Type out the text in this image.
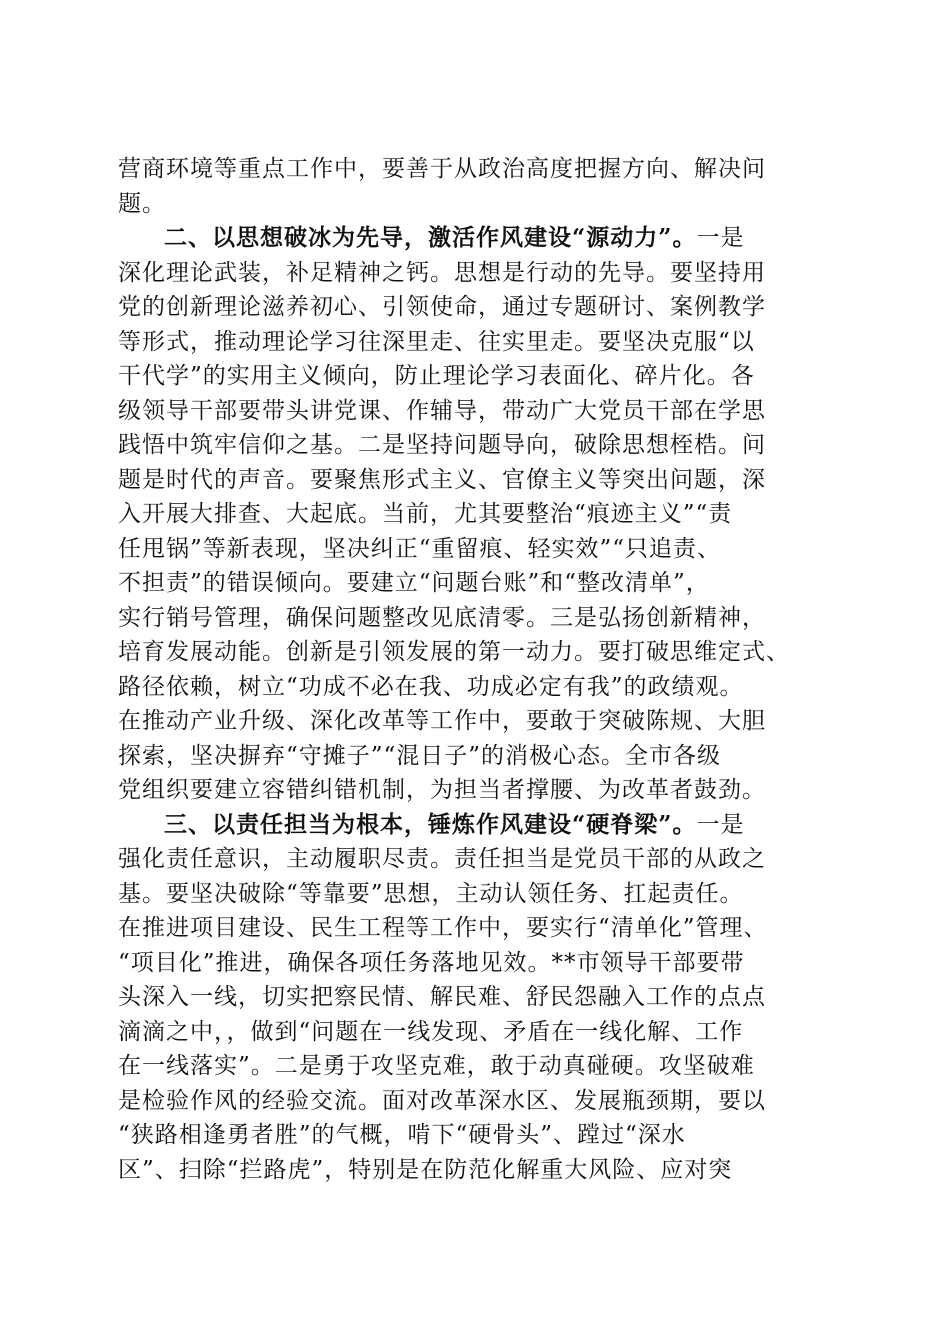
营商环境等重点工作中，要善于从政治高度把握方向、解决问
题。
二、以思想破冰为先导，激活作风建设“源动力”。一是
深化理论武装，补足精神之钙。思想是行动的先导。要坚持用
党的创新理论滋养初心、引领使命，通过专题研讨、案例教学
等形式，推动理论学习往深里走、往实里走。要坚决克服“以
干代学”的实用主义倾向，防止理论学习表面化、碎片化。各
级领导干部要带头讲党课、作辅导，带动广大党员干部在学思
践悟中筑牢信仰之基。二是坚持问题导向，破除思想桎梏。问
题是时代的声音。要聚焦形式主义、官僚主义等突出问题，深
入开展大排查、大起底。当前，尤其要整治“痕迹主义”“责
任甩锅”等新表现，坚决纠正“重留痕、轻实效”“只追责、
不担责”的错误倾向。要建立“问题台账”和“整改清单”，
实行销号管理，确保问题整改见底清零。三是弘扬创新精神，
培育发展动能。创新是引领发展的第一动力。要打破思维定式、
路径依赖，树立“功成不必在我、功成必定有我”的政绩观。
在推动产业升级、深化改革等工作中，要敢于突破陈规、大胆
探索，坚决摒弃“守摊子”“混日子”的消极心态。全市各级
党组织要建立容错纠错机制，为担当者撑腰、为改革者鼓劲。
三、以责任担当为根本，锤炼作风建设“硬脊梁”。一是
强化责任意识，主动履职尽责。责任担当是党员干部的从政之
基。要坚决破除“等靠要”思想，主动认领任务、扛起责任。
在推进项目建设、民生工程等工作中，要实行“清单化”管理、
“项目化”推进，确保各项任务落地见效。**市领导干部要带
头深入一线，切实把察民情、解民难、舒民怨融入工作的点点
滴滴之中，，做到“问题在一线发现、矛盾在一线化解、工作
在一线落实”。二是勇于攻坚克难，敢于动真碰硬。攻坚破难
是检验作风的经验交流。面对改革深水区、发展瓶颈期，要以
“狭路相逢勇者胜”的气概，啃下“硬骨头”、蹚过“深水
区”、扫除“拦路虎”，特别是在防范化解重大风险、应对突
